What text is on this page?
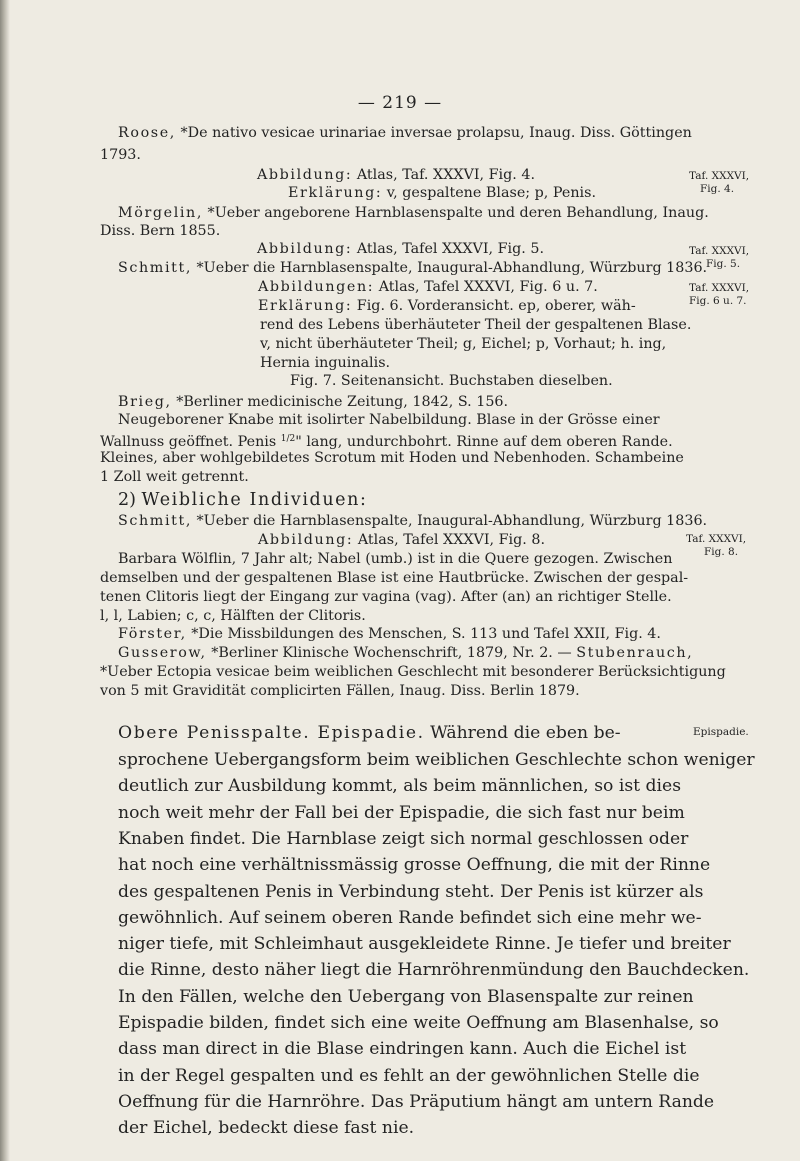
— 219 —
Roose, *De nativo vesicae urinariae inversae prolapsu, Inaug. Diss. Göttingen
1793.
Abbildung: Atlas, Taf. XXXVI, Fig. 4.
Erklärung: v, gespaltene Blase; p, Penis.
Mörgelin, *Ueber angeborene Harnblasenspalte und deren Behandlung, Inaug.
Diss. Bern 1855.
Abbildung: Atlas, Tafel XXXVI, Fig. 5.
Schmitt, *Ueber die Harnblasenspalte, Inaugural-Abhandlung, Würzburg 1836.
Abbildungen: Atlas, Tafel XXXVI, Fig. 6 u. 7.
Erklärung: Fig. 6. Vorderansicht. ep, oberer, wäh-
rend des Lebens überhäuteter Theil der gespaltenen Blase.
v, nicht überhäuteter Theil; g, Eichel; p, Vorhaut; h. ing,
Hernia inguinalis.
Fig. 7. Seitenansicht. Buchstaben dieselben.
Brieg, *Berliner medicinische Zeitung, 1842, S. 156.
Neugeborener Knabe mit isolirter Nabelbildung. Blase in der Grösse einer
Wallnuss geöffnet. Penis $^{1/2}$" lang, undurchbohrt. Rinne auf dem oberen Rande.
Kleines, aber wohlgebildetes Scrotum mit Hoden und Nebenhoden. Schambeine
1 Zoll weit getrennt.
2) Weibliche Individuen:
Schmitt, *Ueber die Harnblasenspalte, Inaugural-Abhandlung, Würzburg 1836.
Abbildung: Atlas, Tafel XXXVI, Fig. 8.
Barbara Wölflin, 7 Jahr alt; Nabel (umb.) ist in die Quere gezogen. Zwischen
demselben und der gespaltenen Blase ist eine Hautbrücke. Zwischen der gespal-
tenen Clitoris liegt der Eingang zur vagina (vag). After (an) an richtiger Stelle.
l, l, Labien; c, c, Hälften der Clitoris.
Förster, *Die Missbildungen des Menschen, S. 113 und Tafel XXII, Fig. 4.
Gusserow, *Berliner Klinische Wochenschrift, 1879, Nr. 2. — Stubenrauch,
*Ueber Ectopia vesicae beim weiblichen Geschlecht mit besonderer Berücksichtigung
von 5 mit Gravidität complicirten Fällen, Inaug. Diss. Berlin 1879.
Taf. XXXVI,
Fig. 4.
Taf. XXXVI,
Fig. 5.
Taf. XXXVI,
Fig. 6 u. 7.
Taf. XXXVI,
Fig. 8.
Epispadie.
Obere Penisspalte. Epispadie. Während die eben be-
sprochene Uebergangsform beim weiblichen Geschlechte schon weniger
deutlich zur Ausbildung kommt, als beim männlichen, so ist dies
noch weit mehr der Fall bei der Epispadie, die sich fast nur beim
Knaben findet. Die Harnblase zeigt sich normal geschlossen oder
hat noch eine verhältnissmässig grosse Oeffnung, die mit der Rinne
des gespaltenen Penis in Verbindung steht. Der Penis ist kürzer als
gewöhnlich. Auf seinem oberen Rande befindet sich eine mehr we-
niger tiefe, mit Schleimhaut ausgekleidete Rinne. Je tiefer und breiter
die Rinne, desto näher liegt die Harnröhrenmündung den Bauchdecken.
In den Fällen, welche den Uebergang von Blasenspalte zur reinen
Epispadie bilden, findet sich eine weite Oeffnung am Blasenhalse, so
dass man direct in die Blase eindringen kann. Auch die Eichel ist
in der Regel gespalten und es fehlt an der gewöhnlichen Stelle die
Oeffnung für die Harnröhre. Das Präputium hängt am untern Rande
der Eichel, bedeckt diese fast nie.
